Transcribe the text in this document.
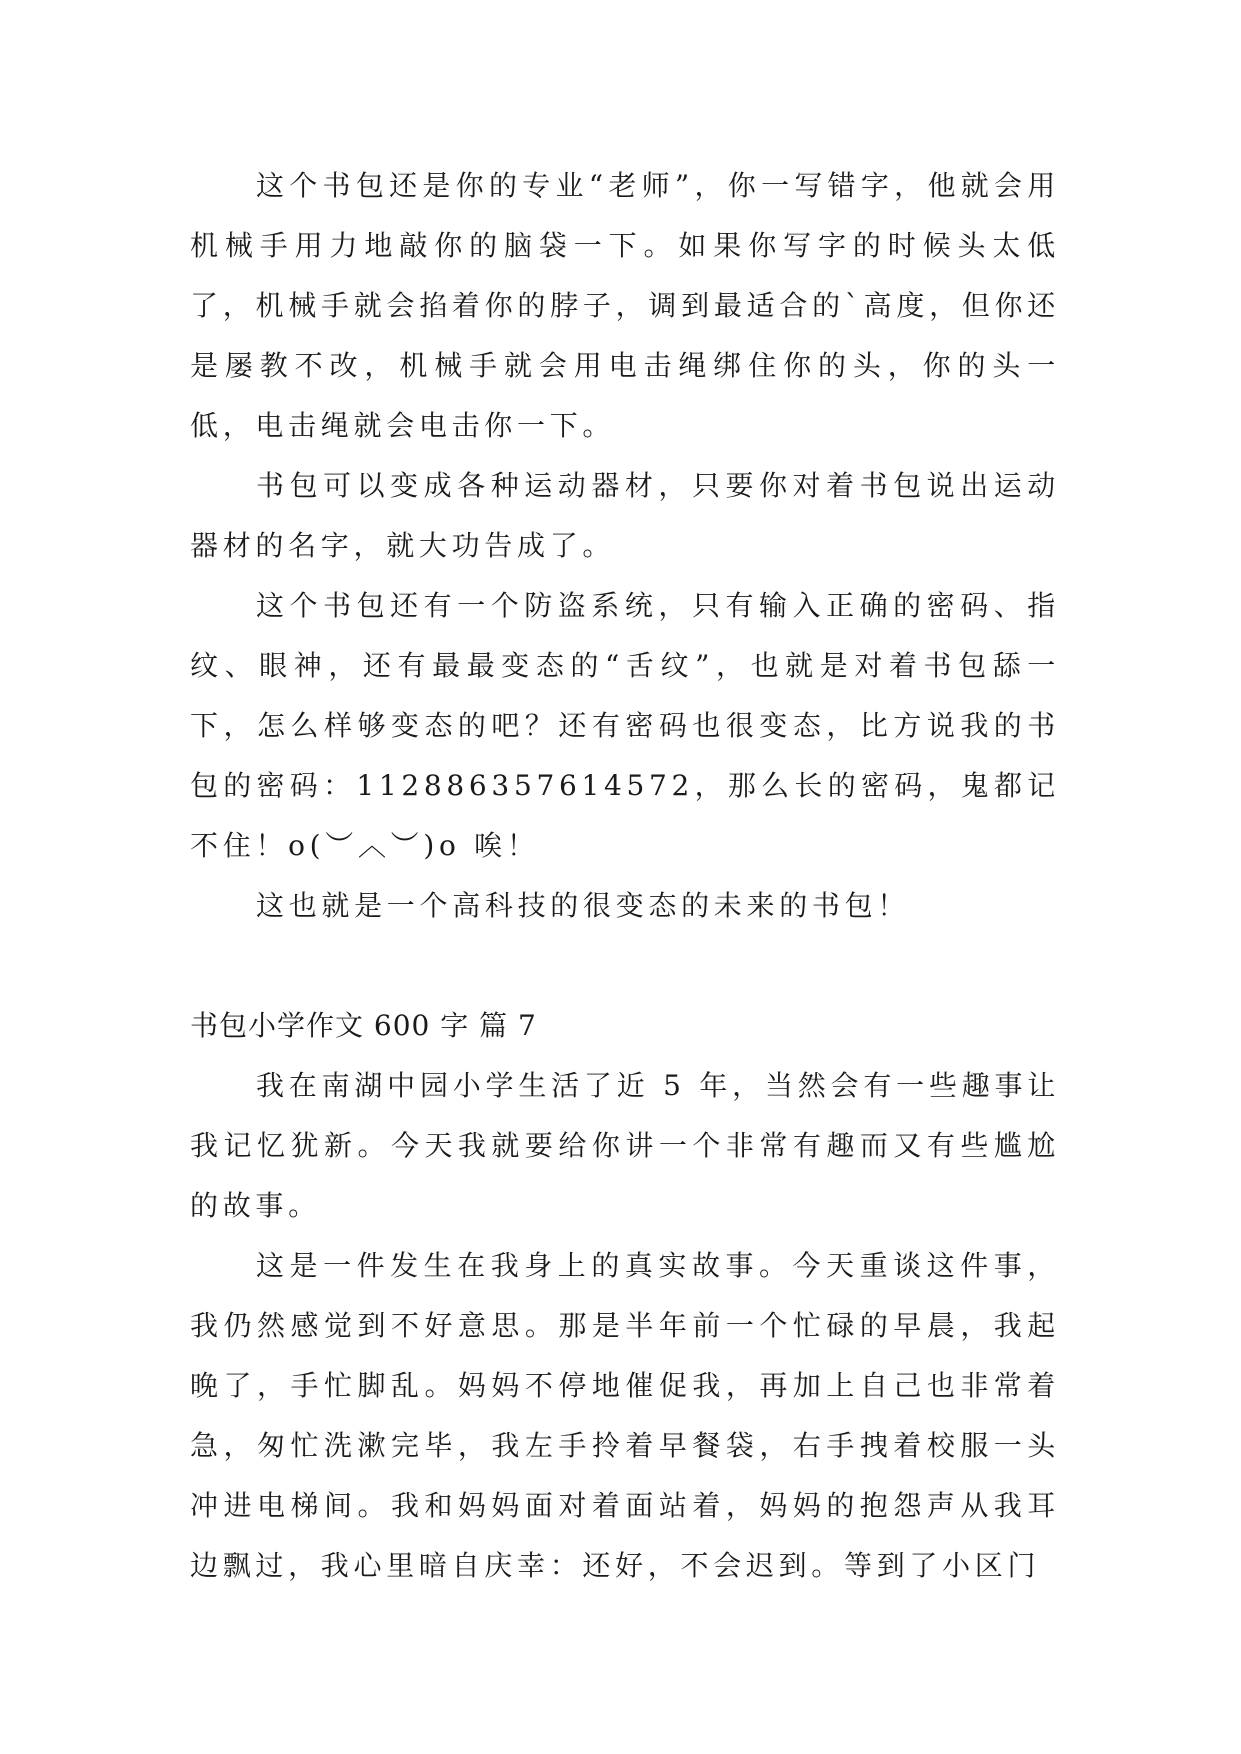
这个书包还是你的专业“老师”，你一写错字，他就会用机械手用力地敲你的脑袋一下。如果你写字的时候头太低了，机械手就会掐着你的脖子，调到最适合的`高度，但你还是屡教不改，机械手就会用电击绳绑住你的头，你的头一低，电击绳就会电击你一下。

书包可以变成各种运动器材，只要你对着书包说出运动器材的名字，就大功告成了。

这个书包还有一个防盗系统，只有输入正确的密码、指纹、眼神，还有最最变态的“舌纹”，也就是对着书包舔一下，怎么样够变态的吧？还有密码也很变态，比方说我的书包的密码：112886357614572，那么长的密码，鬼都记不住！o(︶︿︶)o 唉！

这也就是一个高科技的很变态的未来的书包！

书包小学作文 600 字 篇 7

我在南湖中园小学生活了近 5 年，当然会有一些趣事让我记忆犹新。今天我就要给你讲一个非常有趣而又有些尴尬的故事。

这是一件发生在我身上的真实故事。今天重谈这件事，我仍然感觉到不好意思。那是半年前一个忙碌的早晨，我起晚了，手忙脚乱。妈妈不停地催促我，再加上自己也非常着急，匆忙洗漱完毕，我左手拎着早餐袋，右手拽着校服一头冲进电梯间。我和妈妈面对着面站着，妈妈的抱怨声从我耳边飘过，我心里暗自庆幸：还好，不会迟到。等到了小区门
